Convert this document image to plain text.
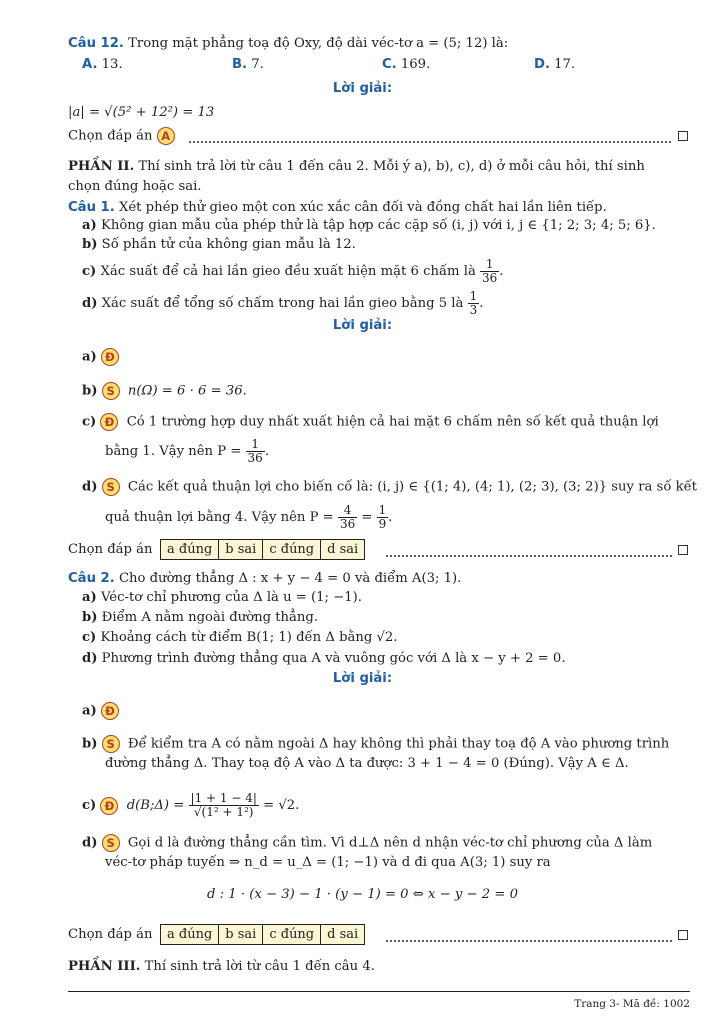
Câu 12. Trong mặt phẳng toạ độ Oxy, độ dài véc-tơ a = (5; 12) là:
A. 13.	B. 7.	C. 169.	D. 17.
Lời giải:
|a| = √(5² + 12²) = 13
Chọn đáp án A
PHẦN II. Thí sinh trả lời từ câu 1 đến câu 2. Mỗi ý a), b), c), d) ở mỗi câu hỏi, thí sinh
chọn đúng hoặc sai.
Câu 1. Xét phép thử gieo một con xúc xắc cân đối và đồng chất hai lần liên tiếp.
a) Không gian mẫu của phép thử là tập hợp các cặp số (i, j) với i, j ∈ {1; 2; 3; 4; 5; 6}.
b) Số phần tử của không gian mẫu là 12.
c) Xác suất để cả hai lần gieo đều xuất hiện mặt 6 chấm là $\frac{1}{36}$ .
d) Xác suất để tổng số chấm trong hai lần gieo bằng 5 là $\frac{1}{3}$ .
Lời giải:
a) Đ
b) S n(Ω) = 6 · 6 = 36.
c) Đ Có 1 trường hợp duy nhất xuất hiện cả hai mặt 6 chấm nên số kết quả thuận lợi
bằng 1. Vậy nên $P = \frac{1}{36}$ .
d) S Các kết quả thuận lợi cho biến cố là: (i, j) ∈ {(1; 4), (4; 1), (2; 3), (3; 2)} suy ra số kết
quả thuận lợi bằng 4. Vậy nên $P = \frac{4}{36} = \frac{1}{9}$ .
Chọn đáp án	a đúng	b sai	c đúng	d sai
Câu 2. Cho đường thẳng Δ : x + y − 4 = 0 và điểm A(3; 1).
a) Véc-tơ chỉ phương của Δ là u = (1; −1).
b) Điểm A nằm ngoài đường thẳng.
c) Khoảng cách từ điểm B(1; 1) đến Δ bằng √2.
d) Phương trình đường thẳng qua A và vuông góc với Δ là x − y + 2 = 0.
Lời giải:
a) Đ
b) S Để kiểm tra A có nằm ngoài Δ hay không thì phải thay toạ độ A vào phương trình
đường thẳng Δ. Thay toạ độ A vào Δ ta được: 3 + 1 − 4 = 0 (Đúng). Vậy A ∈ Δ.
c) Đ d(B;Δ) = $\frac{|1 + 1 - 4|}{\text{√(1² + 1²)}} = √2$.
d) S Gọi d là đường thẳng cần tìm. Vì d⊥Δ nên d nhận véc-tơ chỉ phương của Δ làm
véc-tơ pháp tuyến ⇒ n_d = u_Δ = (1; −1) và d đi qua A(3; 1) suy ra
d : 1 · (x − 3) − 1 · (y − 1) = 0 ⇔ x − y − 2 = 0
Chọn đáp án	a đúng	b sai	c đúng	d sai
PHẦN III. Thí sinh trả lời từ câu 1 đến câu 4.
Trang 3- Mã đề: 1002
